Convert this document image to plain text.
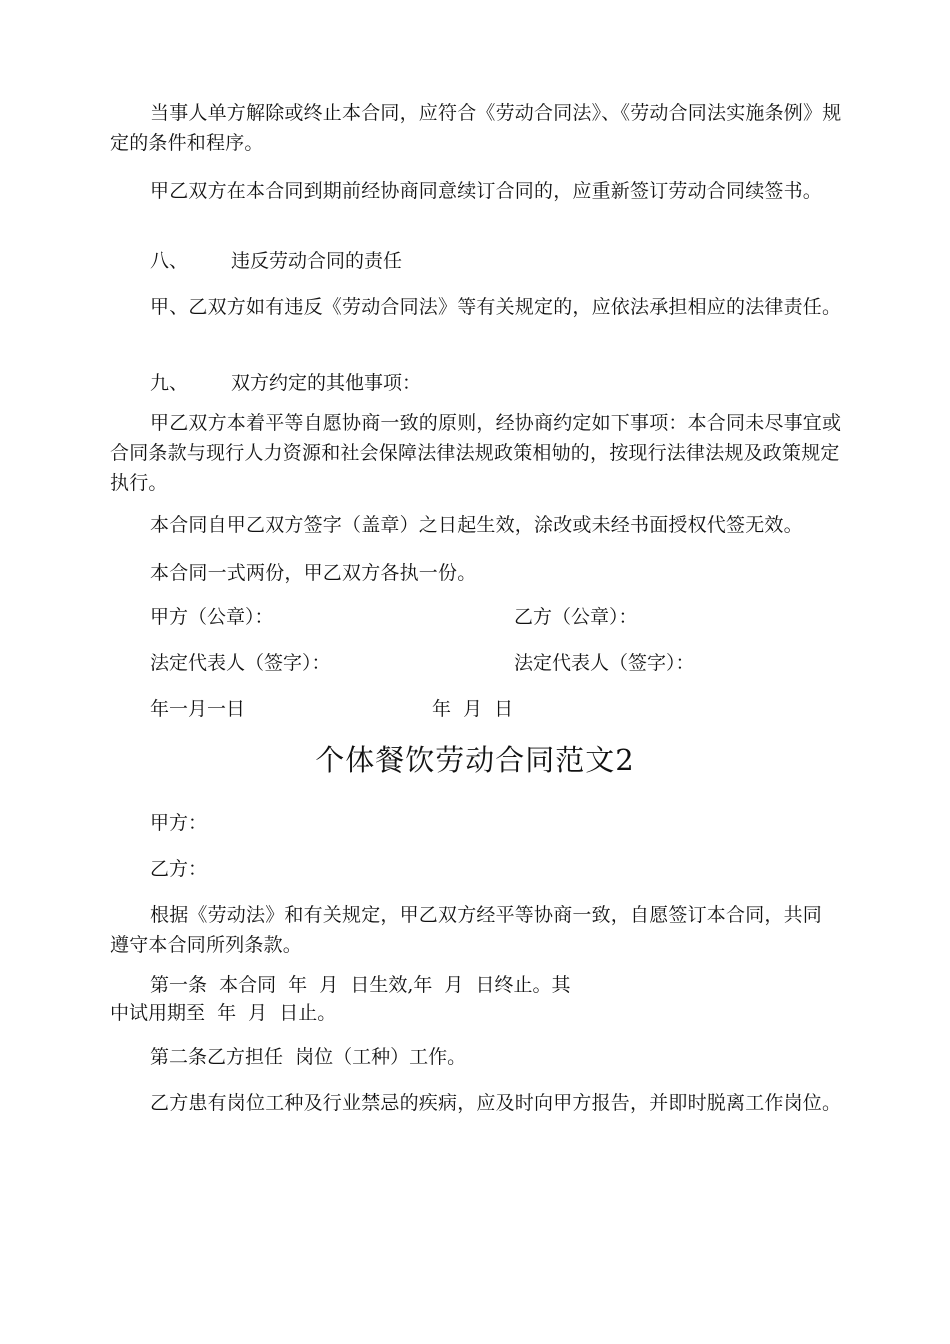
当事人单方解除或终止本合同，应符合《劳动合同法》、《劳动合同法实施条例》规定的条件和程序。

甲乙双方在本合同到期前经协商同意续订合同的，应重新签订劳动合同续签书。

八、 违反劳动合同的责任

甲、乙双方如有违反《劳动合同法》等有关规定的，应依法承担相应的法律责任。

九、 双方约定的其他事项：

甲乙双方本着平等自愿协商一致的原则，经协商约定如下事项：本合同未尽事宜或合同条款与现行人力资源和社会保障法律法规政策相劬的，按现行法律法规及政策规定执行。

本合同自甲乙双方签字（盖章）之日起生效，涂改或未经书面授权代签无效。

本合同一式两份，甲乙双方各执一份。

甲方（公章）：	乙方（公章）：
法定代表人（签字）：	法定代表人（签字）：
年一月一日	年  月  日
个体餐饮劳动合同范文2
甲方：
乙方：

根据《劳动法》和有关规定，甲乙双方经平等协商一致，自愿签订本合同，共同 遵守本合同所列条款。

第一条  本合同  年  月  日生效,年  月  日终止。其
中试用期至  年  月  日止。
第二条乙方担任  岗位（工种）工作。

乙方患有岗位工种及行业禁忌的疾病，应及时向甲方报告，并即时脱离工作岗位。
